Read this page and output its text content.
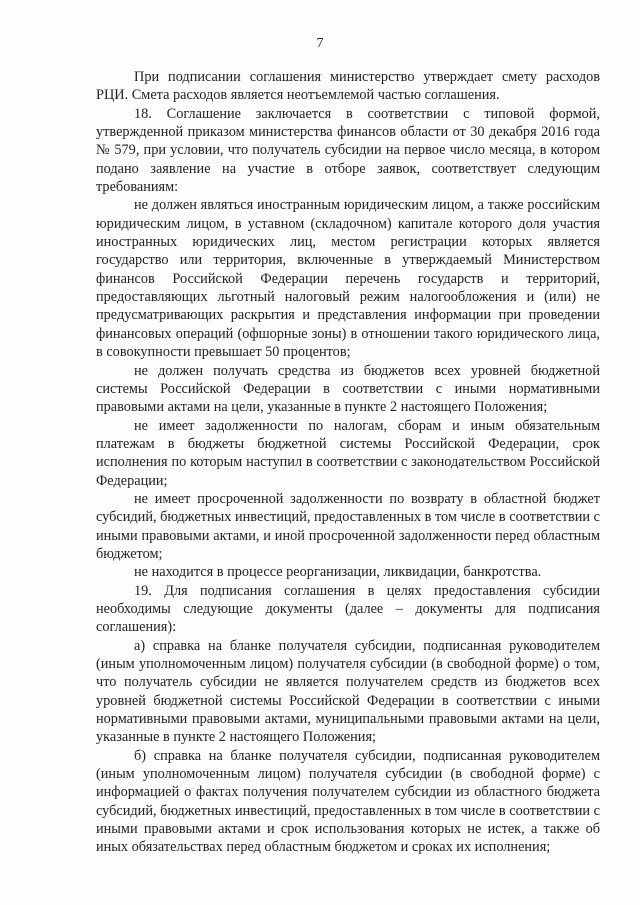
7

При подписании соглашения министерство утверждает смету расходов РЦИ. Смета расходов является неотъемлемой частью соглашения.

18. Соглашение заключается в соответствии с типовой формой, утвержденной приказом министерства финансов области от 30 декабря 2016 года № 579, при условии, что получатель субсидии на первое число месяца, в котором подано заявление на участие в отборе заявок, соответствует следующим требованиям:

не должен являться иностранным юридическим лицом, а также российским юридическим лицом, в уставном (складочном) капитале которого доля участия иностранных юридических лиц, местом регистрации которых является государство или территория, включенные в утверждаемый Министерством финансов Российской Федерации перечень государств и территорий, предоставляющих льготный налоговый режим налогообложения и (или) не предусматривающих раскрытия и представления информации при проведении финансовых операций (офшорные зоны) в отношении такого юридического лица, в совокупности превышает 50 процентов;

не должен получать средства из бюджетов всех уровней бюджетной системы Российской Федерации в соответствии с иными нормативными правовыми актами на цели, указанные в пункте 2 настоящего Положения;

не имеет задолженности по налогам, сборам и иным обязательным платежам в бюджеты бюджетной системы Российской Федерации, срок исполнения по которым наступил в соответствии с законодательством Российской Федерации;

не имеет просроченной задолженности по возврату в областной бюджет субсидий, бюджетных инвестиций, предоставленных в том числе в соответствии с иными правовыми актами, и иной просроченной задолженности перед областным бюджетом;

не находится в процессе реорганизации, ликвидации, банкротства.

19. Для подписания соглашения в целях предоставления субсидии необходимы следующие документы (далее – документы для подписания соглашения):

а) справка на бланке получателя субсидии, подписанная руководителем (иным уполномоченным лицом) получателя субсидии (в свободной форме) о том, что получатель субсидии не является получателем средств из бюджетов всех уровней бюджетной системы Российской Федерации в соответствии с иными нормативными правовыми актами, муниципальными правовыми актами на цели, указанные в пункте 2 настоящего Положения;

б) справка на бланке получателя субсидии, подписанная руководителем (иным уполномоченным лицом) получателя субсидии (в свободной форме) с информацией о фактах получения получателем субсидии из областного бюджета субсидий, бюджетных инвестиций, предоставленных в том числе в соответствии с иными правовыми актами и срок использования которых не истек, а также об иных обязательствах перед областным бюджетом и сроках их исполнения;
